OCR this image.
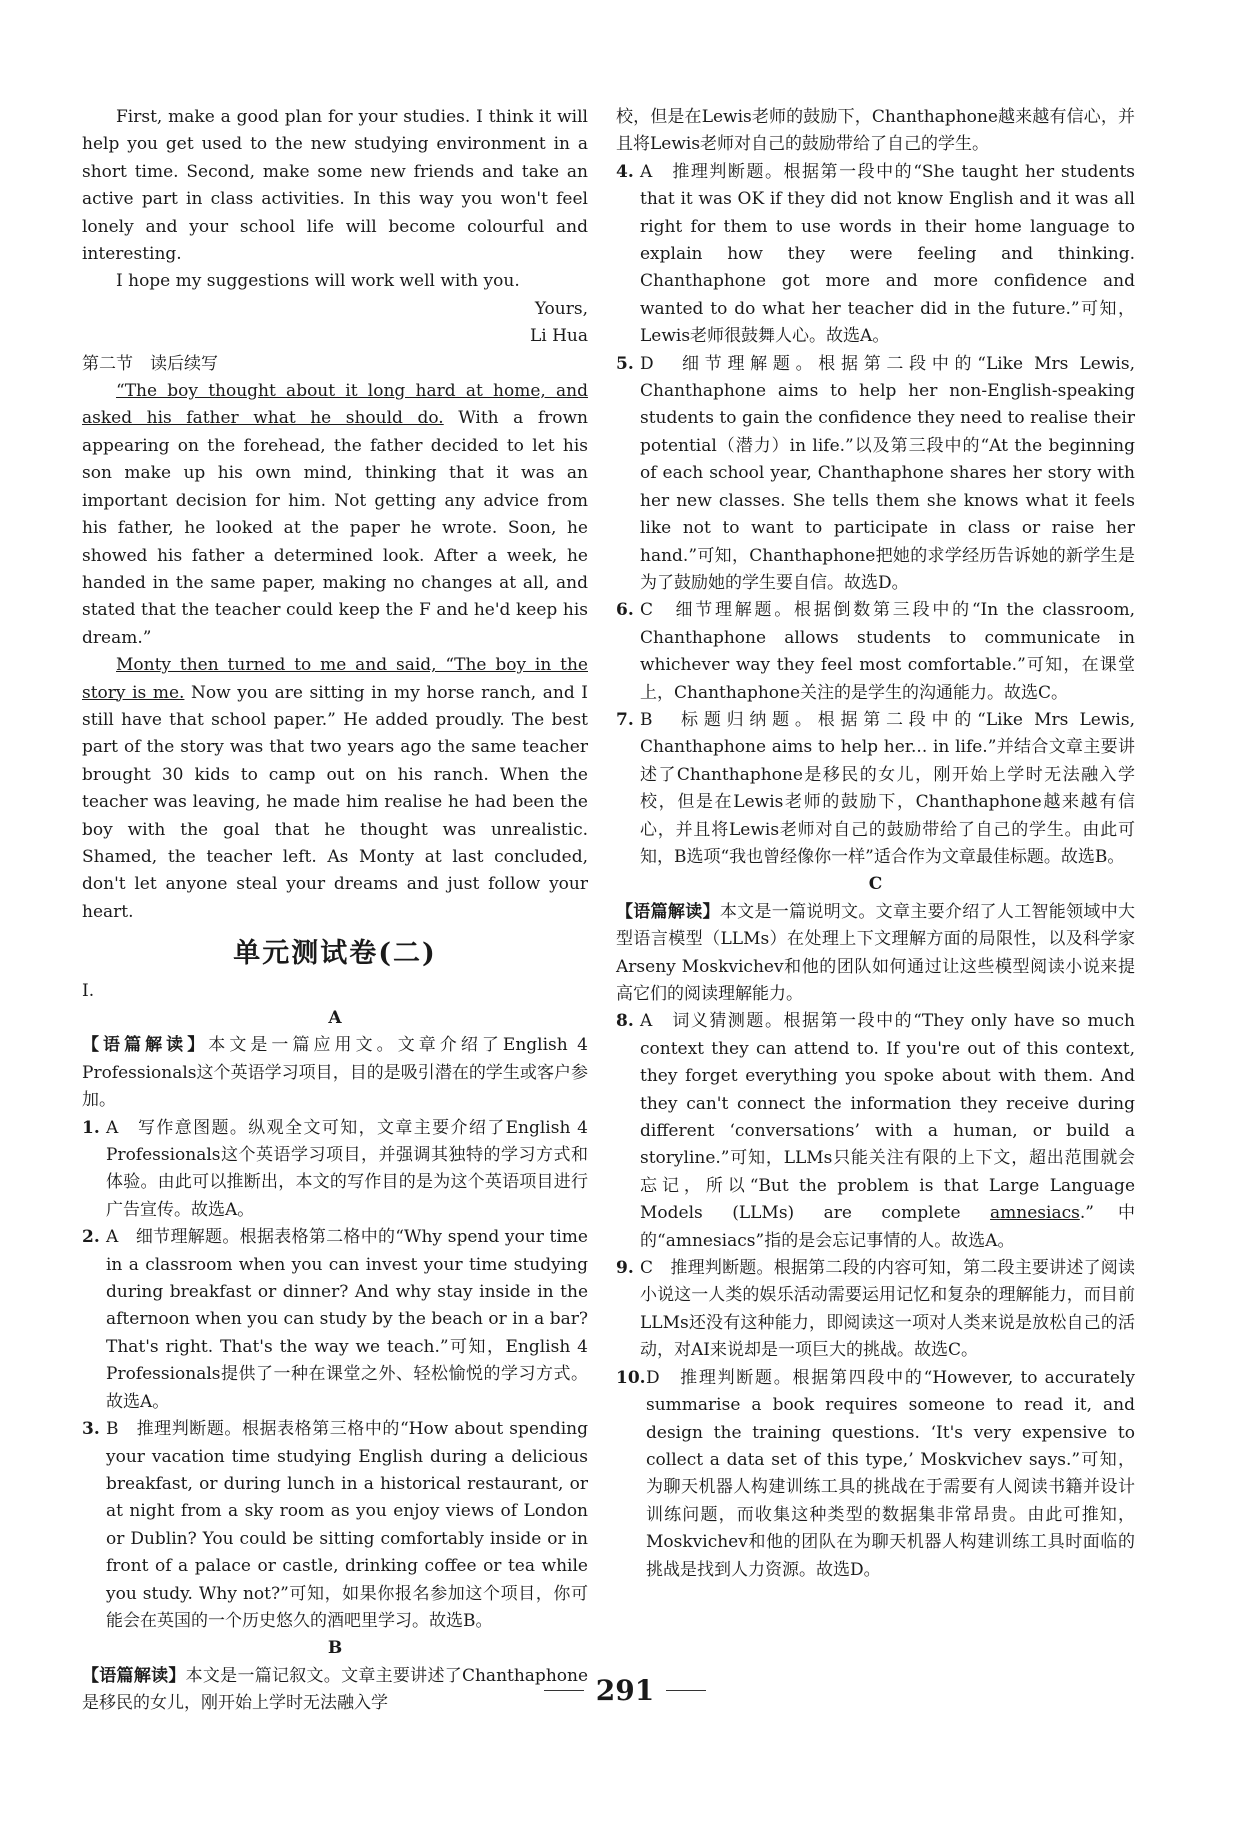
First, make a good plan for your studies. I think it will help you get used to the new studying environment in a short time. Second, make some new friends and take an active part in class activities. In this way you won't feel lonely and your school life will become colourful and interesting.

I hope my suggestions will work well with you.

Yours,

Li Hua

第二节　读后续写

“The boy thought about it long hard at home, and asked his father what he should do. With a frown appearing on the forehead, the father decided to let his son make up his own mind, thinking that it was an important decision for him. Not getting any advice from his father, he looked at the paper he wrote. Soon, he showed his father a determined look. After a week, he handed in the same paper, making no changes at all, and stated that the teacher could keep the F and he'd keep his dream.”

Monty then turned to me and said, “The boy in the story is me. Now you are sitting in my horse ranch, and I still have that school paper.” He added proudly. The best part of the story was that two years ago the same teacher brought 30 kids to camp out on his ranch. When the teacher was leaving, he made him realise he had been the boy with the goal that he thought was unrealistic. Shamed, the teacher left. As Monty at last concluded, don't let anyone steal your dreams and just follow your heart.

单元测试卷(二)

Ⅰ.

A

【语篇解读】本文是一篇应用文。文章介绍了English 4 Professionals这个英语学习项目，目的是吸引潜在的学生或客户参加。

1. A　写作意图题。纵观全文可知，文章主要介绍了English 4 Professionals这个英语学习项目，并强调其独特的学习方式和体验。由此可以推断出，本文的写作目的是为这个英语项目进行广告宣传。故选A。
2. A　细节理解题。根据表格第二格中的“Why spend your time in a classroom when you can invest your time studying during breakfast or dinner? And why stay inside in the afternoon when you can study by the beach or in a bar? That's right. That's the way we teach.”可知，English 4 Professionals提供了一种在课堂之外、轻松愉悦的学习方式。故选A。
3. B　推理判断题。根据表格第三格中的“How about spending your vacation time studying English during a delicious breakfast, or during lunch in a historical restaurant, or at night from a sky room as you enjoy views of London or Dublin? You could be sitting comfortably inside or in front of a palace or castle, drinking coffee or tea while you study. Why not?”可知，如果你报名参加这个项目，你可能会在英国的一个历史悠久的酒吧里学习。故选B。

B

【语篇解读】本文是一篇记叙文。文章主要讲述了Chanthaphone是移民的女儿，刚开始上学时无法融入学

校，但是在Lewis老师的鼓励下，Chanthaphone越来越有信心，并且将Lewis老师对自己的鼓励带给了自己的学生。

4. A　推理判断题。根据第一段中的“She taught her students that it was OK if they did not know English and it was all right for them to use words in their home language to explain how they were feeling and thinking. Chanthaphone got more and more confidence and wanted to do what her teacher did in the future.”可知，Lewis老师很鼓舞人心。故选A。
5. D　细节理解题。根据第二段中的“Like Mrs Lewis, Chanthaphone aims to help her non-English-speaking students to gain the confidence they need to realise their potential（潜力）in life.”以及第三段中的“At the beginning of each school year, Chanthaphone shares her story with her new classes. She tells them she knows what it feels like not to want to participate in class or raise her hand.”可知，Chanthaphone把她的求学经历告诉她的新学生是为了鼓励她的学生要自信。故选D。
6. C　细节理解题。根据倒数第三段中的“In the classroom, Chanthaphone allows students to communicate in whichever way they feel most comfortable.”可知，在课堂上，Chanthaphone关注的是学生的沟通能力。故选C。
7. B　标题归纳题。根据第二段中的“Like Mrs Lewis, Chanthaphone aims to help her... in life.”并结合文章主要讲述了Chanthaphone是移民的女儿，刚开始上学时无法融入学校，但是在Lewis老师的鼓励下，Chanthaphone越来越有信心，并且将Lewis老师对自己的鼓励带给了自己的学生。由此可知，B选项“我也曾经像你一样”适合作为文章最佳标题。故选B。

C

【语篇解读】本文是一篇说明文。文章主要介绍了人工智能领域中大型语言模型（LLMs）在处理上下文理解方面的局限性，以及科学家Arseny Moskvichev和他的团队如何通过让这些模型阅读小说来提高它们的阅读理解能力。

8. A　词义猜测题。根据第一段中的“They only have so much context they can attend to. If you're out of this context, they forget everything you spoke about with them. And they can't connect the information they receive during different ‘conversations’ with a human, or build a storyline.”可知，LLMs只能关注有限的上下文，超出范围就会忘记，所以“But the problem is that Large Language Models (LLMs) are complete amnesiacs.”中的“amnesiacs”指的是会忘记事情的人。故选A。
9. C　推理判断题。根据第二段的内容可知，第二段主要讲述了阅读小说这一人类的娱乐活动需要运用记忆和复杂的理解能力，而目前LLMs还没有这种能力，即阅读这一项对人类来说是放松自己的活动，对AI来说却是一项巨大的挑战。故选C。
10. D　推理判断题。根据第四段中的“However, to accurately summarise a book requires someone to read it, and design the training questions. ‘It's very expensive to collect a data set of this type,’ Moskvichev says.”可知，为聊天机器人构建训练工具的挑战在于需要有人阅读书籍并设计训练问题，而收集这种类型的数据集非常昂贵。由此可推知，Moskvichev和他的团队在为聊天机器人构建训练工具时面临的挑战是找到人力资源。故选D。
291
